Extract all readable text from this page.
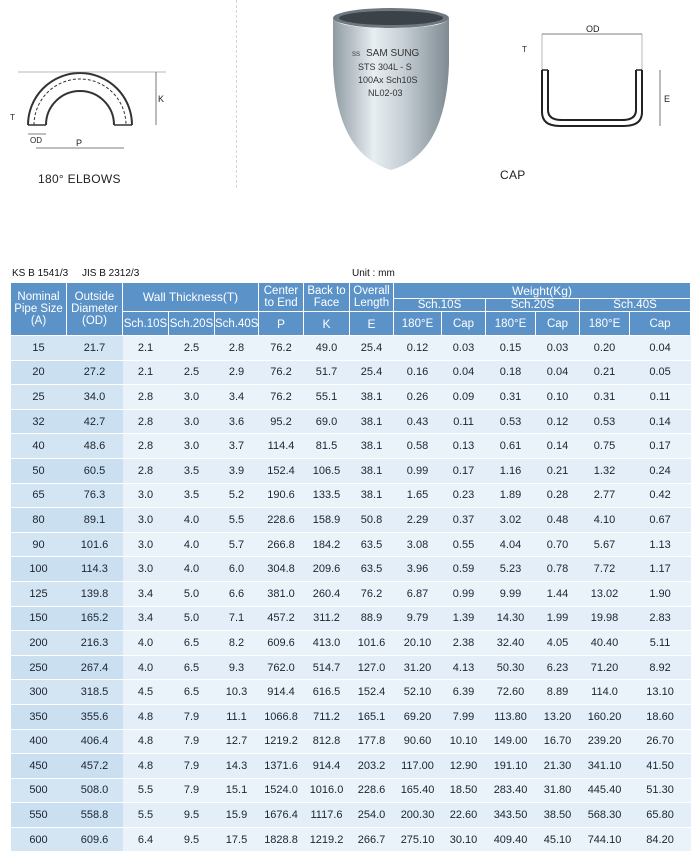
K
OD
T
P
180° ELBOWS
SS SAM SUNG
STS 304L - S
100Ax Sch10S
NL02-03
OD
T
E
CAP
KS B 1541/3 JIS B 2312/3	Unit : mm
Nominal
Pipe Size
(A)	Outside
Diameter
(OD)	Wall Thickness(T)			Center
to End	Back to
Face	Overall
Length	Weight(Kg)					
								Sch.10S		Sch.20S		Sch.40S	
		Sch.10S	Sch.20S	Sch.40S	P	K	E	180°E	Cap	180°E	Cap	180°E	Cap
15	21.7	2.1	2.5	2.8	76.2	49.0	25.4	0.12	0.03	0.15	0.03	0.20	0.04
20	27.2	2.1	2.5	2.9	76.2	51.7	25.4	0.16	0.04	0.18	0.04	0.21	0.05
25	34.0	2.8	3.0	3.4	76.2	55.1	38.1	0.26	0.09	0.31	0.10	0.31	0.11
32	42.7	2.8	3.0	3.6	95.2	69.0	38.1	0.43	0.11	0.53	0.12	0.53	0.14
40	48.6	2.8	3.0	3.7	114.4	81.5	38.1	0.58	0.13	0.61	0.14	0.75	0.17
50	60.5	2.8	3.5	3.9	152.4	106.5	38.1	0.99	0.17	1.16	0.21	1.32	0.24
65	76.3	3.0	3.5	5.2	190.6	133.5	38.1	1.65	0.23	1.89	0.28	2.77	0.42
80	89.1	3.0	4.0	5.5	228.6	158.9	50.8	2.29	0.37	3.02	0.48	4.10	0.67
90	101.6	3.0	4.0	5.7	266.8	184.2	63.5	3.08	0.55	4.04	0.70	5.67	1.13
100	114.3	3.0	4.0	6.0	304.8	209.6	63.5	3.96	0.59	5.23	0.78	7.72	1.17
125	139.8	3.4	5.0	6.6	381.0	260.4	76.2	6.87	0.99	9.99	1.44	13.02	1.90
150	165.2	3.4	5.0	7.1	457.2	311.2	88.9	9.79	1.39	14.30	1.99	19.98	2.83
200	216.3	4.0	6.5	8.2	609.6	413.0	101.6	20.10	2.38	32.40	4.05	40.40	5.11
250	267.4	4.0	6.5	9.3	762.0	514.7	127.0	31.20	4.13	50.30	6.23	71.20	8.92
300	318.5	4.5	6.5	10.3	914.4	616.5	152.4	52.10	6.39	72.60	8.89	114.0	13.10
350	355.6	4.8	7.9	11.1	1066.8	711.2	165.1	69.20	7.99	113.80	13.20	160.20	18.60
400	406.4	4.8	7.9	12.7	1219.2	812.8	177.8	90.60	10.10	149.00	16.70	239.20	26.70
450	457.2	4.8	7.9	14.3	1371.6	914.4	203.2	117.00	12.90	191.10	21.30	341.10	41.50
500	508.0	5.5	7.9	15.1	1524.0	1016.0	228.6	165.40	18.50	283.40	31.80	445.40	51.30
550	558.8	5.5	9.5	15.9	1676.4	1117.6	254.0	200.30	22.60	343.50	38.50	568.30	65.80
600	609.6	6.4	9.5	17.5	1828.8	1219.2	266.7	275.10	30.10	409.40	45.10	744.10	84.20
